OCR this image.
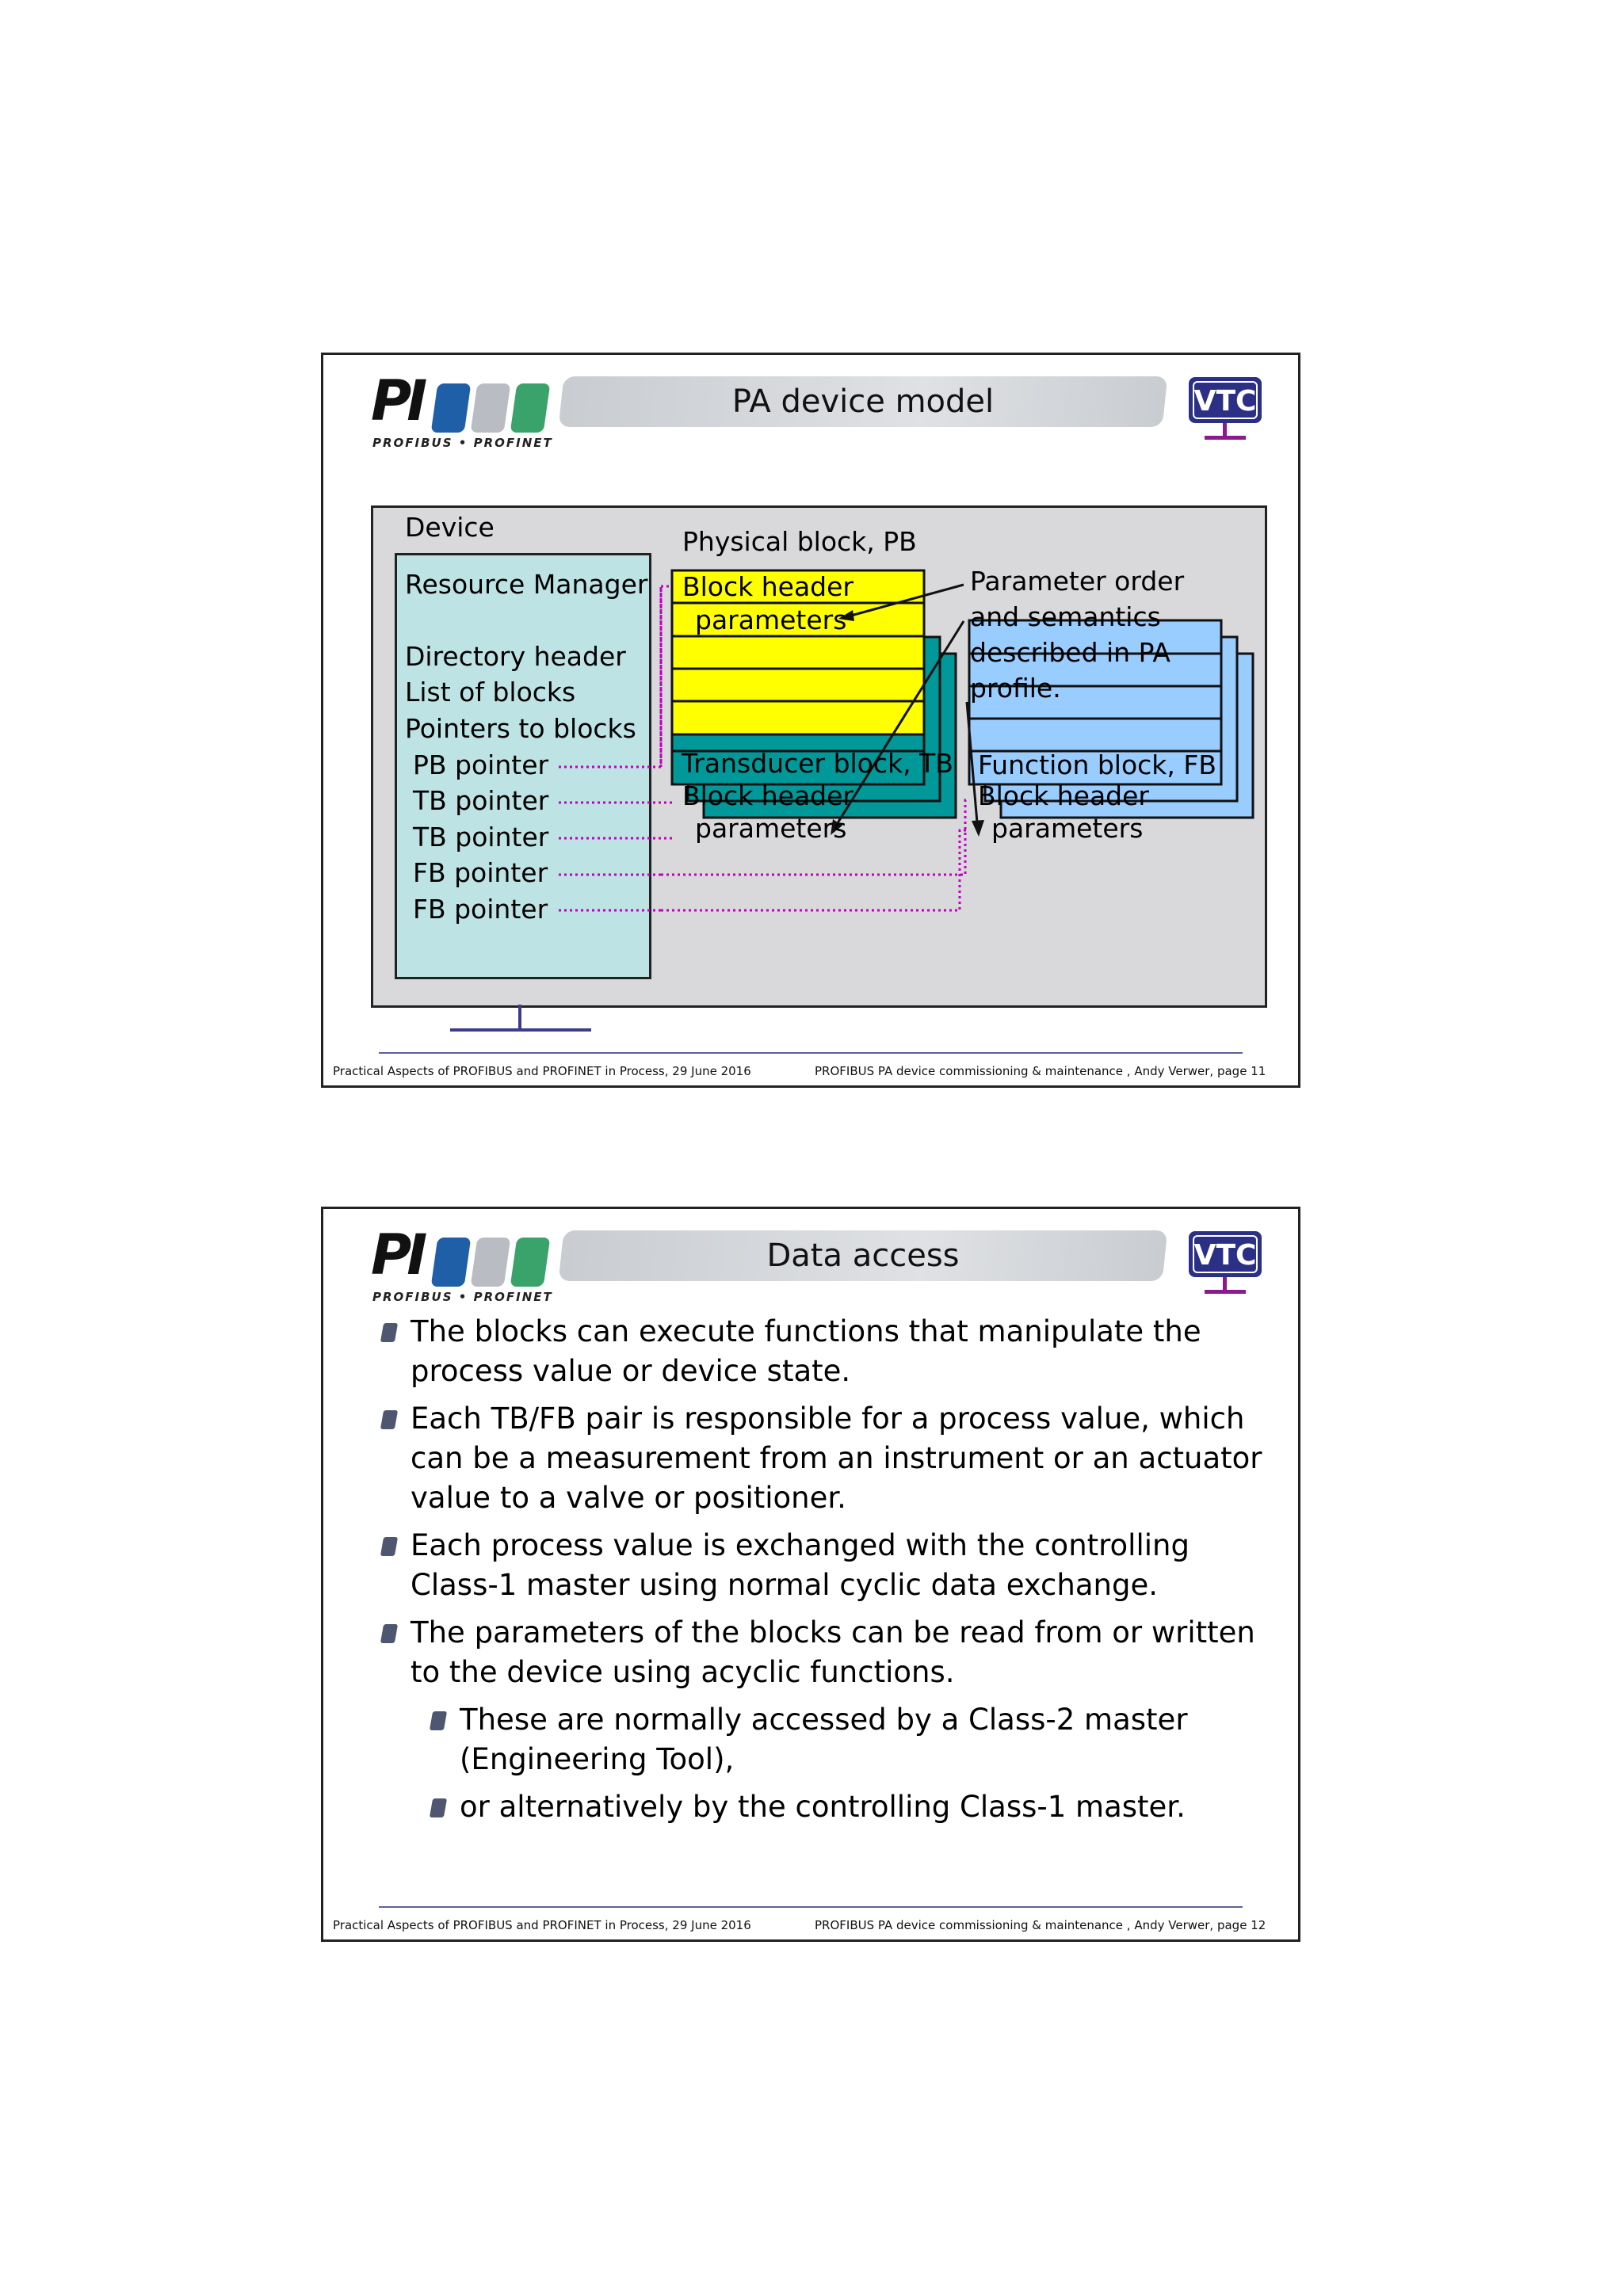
PI
PROFIBUS • PROFINET
PA device model	VTC
Device
Resource Manager
Directory header
List of blocks
Pointers to blocks
PB pointer
TB pointer
TB pointer
FB pointer
FB pointer
Physical block, PB
Block header
parameters
Transducer block, TB
Block header
parameters
Function block, FB
Block header
parameters
Parameter order
and semantics
described in PA
profile.
Practical Aspects of PROFIBUS and PROFINET in Process, 29 June 2016	PROFIBUS PA device commissioning & maintenance , Andy Verwer, page 11
PI
PROFIBUS • PROFINET
Data access	VTC
The blocks can execute functions that manipulate the process value or device state.
Each TB/FB pair is responsible for a process value, which can be a measurement from an instrument or an actuator value to a valve or positioner.
Each process value is exchanged with the controlling Class-1 master using normal cyclic data exchange.
The parameters of the blocks can be read from or written to the device using acyclic functions.
These are normally accessed by a Class-2 master (Engineering Tool),
or alternatively by the controlling Class-1 master.
Practical Aspects of PROFIBUS and PROFINET in Process, 29 June 2016	PROFIBUS PA device commissioning & maintenance , Andy Verwer, page 12
